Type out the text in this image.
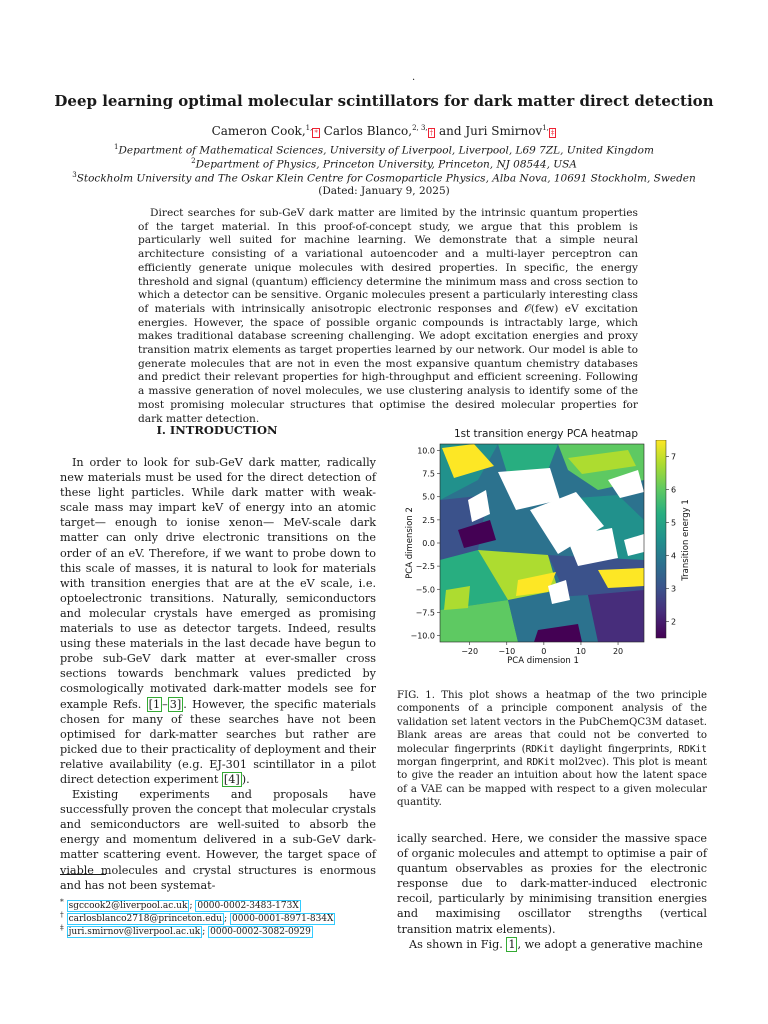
.
Deep learning optimal molecular scintillators for dark matter direct detection
Cameron Cook,$^{1,}$* Carlos Blanco,$^{2, 3,}$† and Juri Smirnov$^{1,}$‡
$^1$Department of Mathematical Sciences, University of Liverpool, Liverpool, L69 7ZL, United Kingdom
$^2$Department of Physics, Princeton University, Princeton, NJ 08544, USA
$^3$Stockholm University and The Oskar Klein Centre for Cosmoparticle Physics, Alba Nova, 10691 Stockholm, Sweden
(Dated: January 9, 2025)
Direct searches for sub-GeV dark matter are limited by the intrinsic quantum properties of the target material. In this proof-of-concept study, we argue that this problem is particularly well suited for machine learning. We demonstrate that a simple neural architecture consisting of a variational autoencoder and a multi-layer perceptron can efficiently generate unique molecules with desired properties. In specific, the energy threshold and signal (quantum) efficiency determine the minimum mass and cross section to which a detector can be sensitive. Organic molecules present a particularly interesting class of materials with intrinsically anisotropic electronic responses and 𝒪(few) eV excitation energies. However, the space of possible organic compounds is intractably large, which makes traditional database screening challenging. We adopt excitation energies and proxy transition matrix elements as target properties learned by our network. Our model is able to generate molecules that are not in even the most expansive quantum chemistry databases and predict their relevant properties for high-throughput and efficient screening. Following a massive generation of novel molecules, we use clustering analysis to identify some of the most promising molecular structures that optimise the desired molecular properties for dark matter detection.
I. INTRODUCTION

In order to look for sub-GeV dark matter, radically new materials must be used for the direct detection of these light particles. While dark matter with weak-scale mass may impart keV of energy into an atomic target— enough to ionise xenon— MeV-scale dark matter can only drive electronic transitions on the order of an eV. Therefore, if we want to probe down to this scale of masses, it is natural to look for materials with transition energies that are at the eV scale, i.e. optoelectronic transitions. Naturally, semiconductors and molecular crystals have emerged as promising materials to use as detector targets. Indeed, results using these materials in the last decade have begun to probe sub-GeV dark matter at ever-smaller cross sections towards benchmark values predicted by cosmologically motivated dark-matter models see for example Refs. [1 – 3] . However, the specific materials chosen for many of these searches have not been optimised for dark-matter searches but rather are picked due to their practicality of deployment and their relative availability (e.g. EJ-301 scintillator in a pilot direct detection experiment [4] ).

Existing experiments and proposals have successfully proven the concept that molecular crystals and semiconductors are well-suited to absorb the energy and momentum delivered in a sub-GeV dark-matter scattering event. However, the target space of viable molecules and crystal structures is enormous and has not been systemat-

* sgccook2@liverpool.ac.uk ; 0000-0002-3483-173X
† carlosblanco2718@princeton.edu ; 0000-0001-8971-834X
‡ juri.smirnov@liverpool.ac.uk ; 0000-0002-3082-0929
1st transition energy PCA heatmap
10.0
7.5
5.0
2.5
0.0
−2.5
−5.0
−7.5
−10.0
−20	−10	0	10	20
PCA dimension 1
PCA dimension 2
2
3
4
5
6
7
Transition energy 1
FIG. 1. This plot shows a heatmap of the two principle components of a principle component analysis of the validation set latent vectors in the PubChemQC3M dataset. Blank areas are areas that could not be converted to molecular fingerprints (RDKit daylight fingerprints, RDKit morgan fingerprint, and RDKit mol2vec). This plot is meant to give the reader an intuition about how the latent space of a VAE can be mapped with respect to a given molecular quantity.

ically searched. Here, we consider the massive space of organic molecules and attempt to optimise a pair of quantum observables as proxies for the electronic response due to dark-matter-induced electronic recoil, particularly by minimising transition energies and maximising oscillator strengths (vertical transition matrix elements).

As shown in Fig. 1 , we adopt a generative machine
